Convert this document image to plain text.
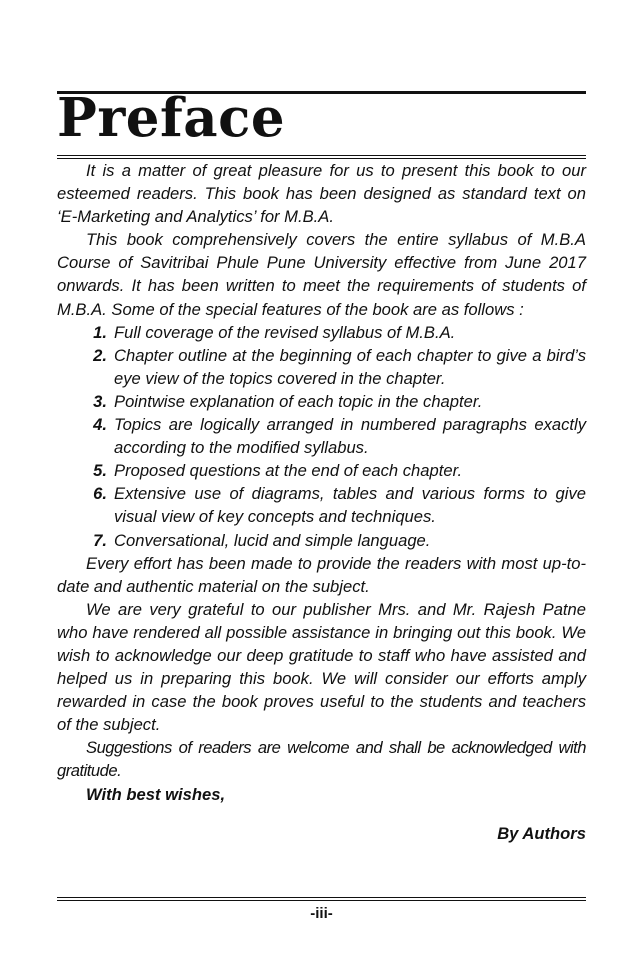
Preface

It is a matter of great pleasure for us to present this book to our esteemed readers. This book has been designed as standard text on ‘E-Marketing and Analytics’ for M.B.A.

This book comprehensively covers the entire syllabus of M.B.A Course of Savitribai Phule Pune University effective from June 2017 onwards. It has been written to meet the requirements of students of M.B.A. Some of the special features of the book are as follows :

1. Full coverage of the revised syllabus of M.B.A.
2. Chapter outline at the beginning of each chapter to give a bird’s eye view of the topics covered in the chapter.
3. Pointwise explanation of each topic in the chapter.
4. Topics are logically arranged in numbered paragraphs exactly according to the modified syllabus.
5. Proposed questions at the end of each chapter.
6. Extensive use of diagrams, tables and various forms to give visual view of key concepts and techniques.
7. Conversational, lucid and simple language.

Every effort has been made to provide the readers with most up-to-date and authentic material on the subject.

We are very grateful to our publisher Mrs. and Mr. Rajesh Patne who have rendered all possible assistance in bringing out this book. We wish to acknowledge our deep gratitude to staff who have assisted and helped us in preparing this book. We will consider our efforts amply rewarded in case the book proves useful to the students and teachers of the subject.

Suggestions of readers are welcome and shall be acknowledged with gratitude.

With best wishes,

By Authors

-iii-
